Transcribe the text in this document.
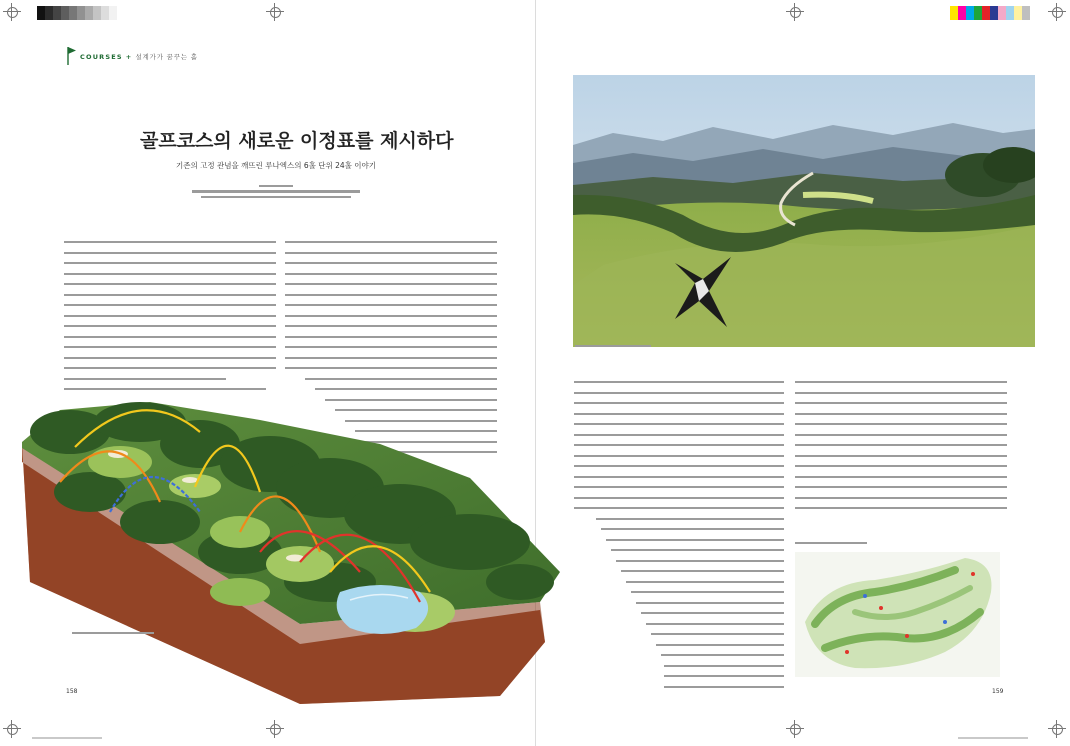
COURSES + 설계가가 꿈꾸는 홀
골프코스의 새로운 이정표를 제시하다
기존의 고정 관념을 깨뜨린 루나엑스의 6홀 단위 24홀 이야기
158	159
